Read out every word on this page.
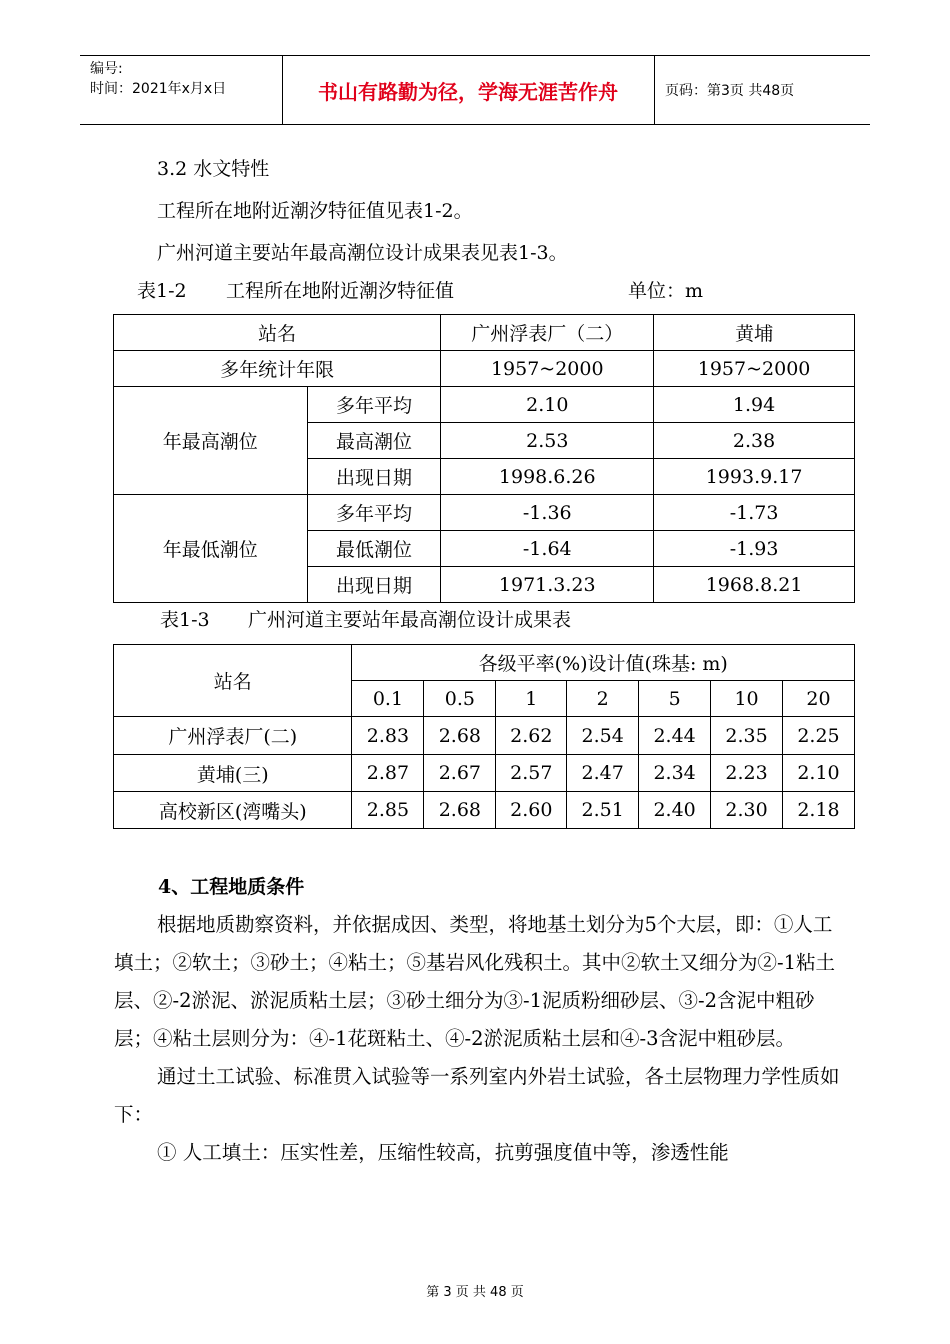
编号:
时间：2021年x月x日	书山有路勤为径，学海无涯苦作舟	页码：第3页 共48页
3.2 水文特性
工程所在地附近潮汐特征值见表1-2。
广州河道主要站年最高潮位设计成果表见表1-3。
表1-2 工程所在地附近潮汐特征值	单位：m
站名		广州浮表厂（二）	黄埔
多年统计年限		1957~2000	1957~2000
年最高潮位	多年平均	2.10	1.94
	最高潮位	2.53	2.38
	出现日期	1998.6.26	1993.9.17
年最低潮位	多年平均	-1.36	-1.73
	最低潮位	-1.64	-1.93
	出现日期	1971.3.23	1968.8.21
表1-3 广州河道主要站年最高潮位设计成果表
站名	各级平率(%)设计值(珠基: m)						
	0.1	0.5	1	2	5	10	20
广州浮表厂(二)	2.83	2.68	2.62	2.54	2.44	2.35	2.25
黄埔(三)	2.87	2.67	2.57	2.47	2.34	2.23	2.10
高校新区(湾嘴头)	2.85	2.68	2.60	2.51	2.40	2.30	2.18
4、工程地质条件

根据地质勘察资料，并依据成因、类型，将地基土划分为5个大层，即：①人工填土；②软土；③砂土；④粘土；⑤基岩风化残积土。其中②软土又细分为②-1粘土层、②-2淤泥、淤泥质粘土层；③砂土细分为③-1泥质粉细砂层、③-2含泥中粗砂层；④粘土层则分为：④-1花斑粘土、④-2淤泥质粘土层和④-3含泥中粗砂层。

通过土工试验、标准贯入试验等一系列室内外岩土试验，各土层物理力学性质如下：

① 人工填土：压实性差，压缩性较高，抗剪强度值中等，渗透性能

第 3 页 共 48 页
